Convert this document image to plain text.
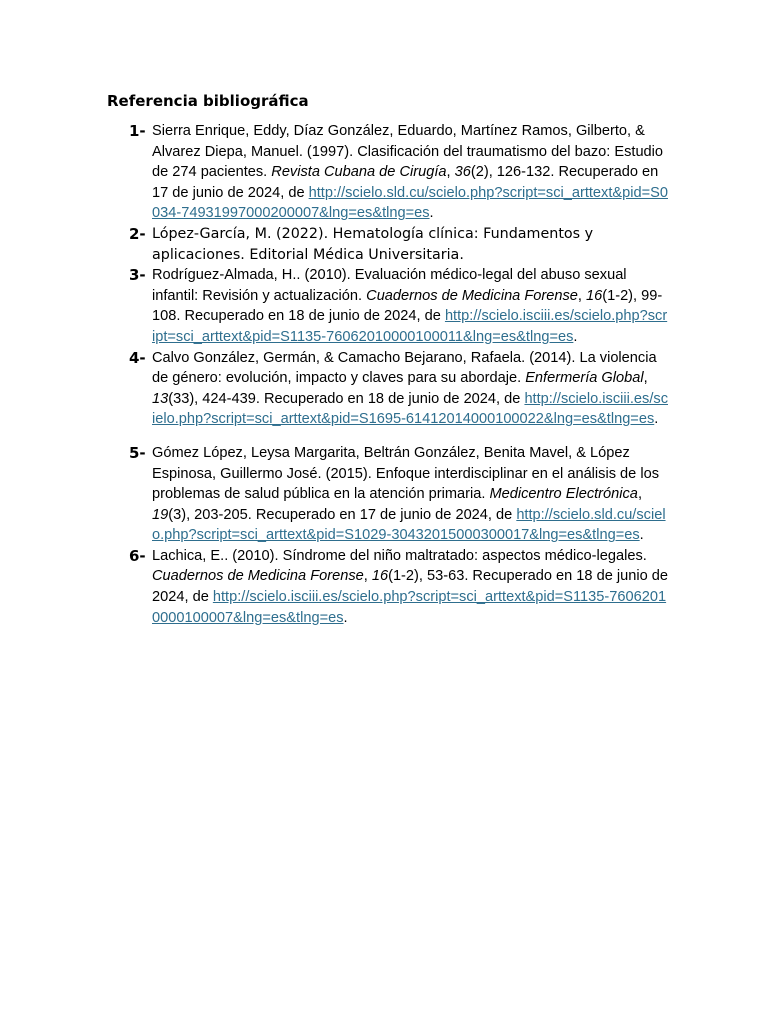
Referencia bibliográfica
1- Sierra Enrique, Eddy, Díaz González, Eduardo, Martínez Ramos, Gilberto, & Alvarez Diepa, Manuel. (1997). Clasificación del traumatismo del bazo: Estudio de 274 pacientes. Revista Cubana de Cirugía, 36(2), 126-132. Recuperado en 17 de junio de 2024, de http://scielo.sld.cu/scielo.php?script=sci_arttext&pid=S0034-74931997000200007&lng=es&tlng=es.
2- López-García, M. (2022). Hematología clínica: Fundamentos y aplicaciones. Editorial Médica Universitaria.
3- Rodríguez-Almada, H.. (2010). Evaluación médico-legal del abuso sexual infantil: Revisión y actualización. Cuadernos de Medicina Forense, 16(1-2), 99-108. Recuperado en 18 de junio de 2024, de http://scielo.isciii.es/scielo.php?script=sci_arttext&pid=S1135-76062010000100011&lng=es&tlng=es.
4- Calvo González, Germán, & Camacho Bejarano, Rafaela. (2014). La violencia de género: evolución, impacto y claves para su abordaje. Enfermería Global, 13(33), 424-439. Recuperado en 18 de junio de 2024, de http://scielo.isciii.es/scielo.php?script=sci_arttext&pid=S1695-61412014000100022&lng=es&tlng=es.
5- Gómez López, Leysa Margarita, Beltrán González, Benita Mavel, & López Espinosa, Guillermo José. (2015). Enfoque interdisciplinar en el análisis de los problemas de salud pública en la atención primaria. Medicentro Electrónica, 19(3), 203-205. Recuperado en 17 de junio de 2024, de http://scielo.sld.cu/scielo.php?script=sci_arttext&pid=S1029-30432015000300017&lng=es&tlng=es.
6- Lachica, E.. (2010). Síndrome del niño maltratado: aspectos médico-legales. Cuadernos de Medicina Forense, 16(1-2), 53-63. Recuperado en 18 de junio de 2024, de http://scielo.isciii.es/scielo.php?script=sci_arttext&pid=S1135-76062010000100007&lng=es&tlng=es.
